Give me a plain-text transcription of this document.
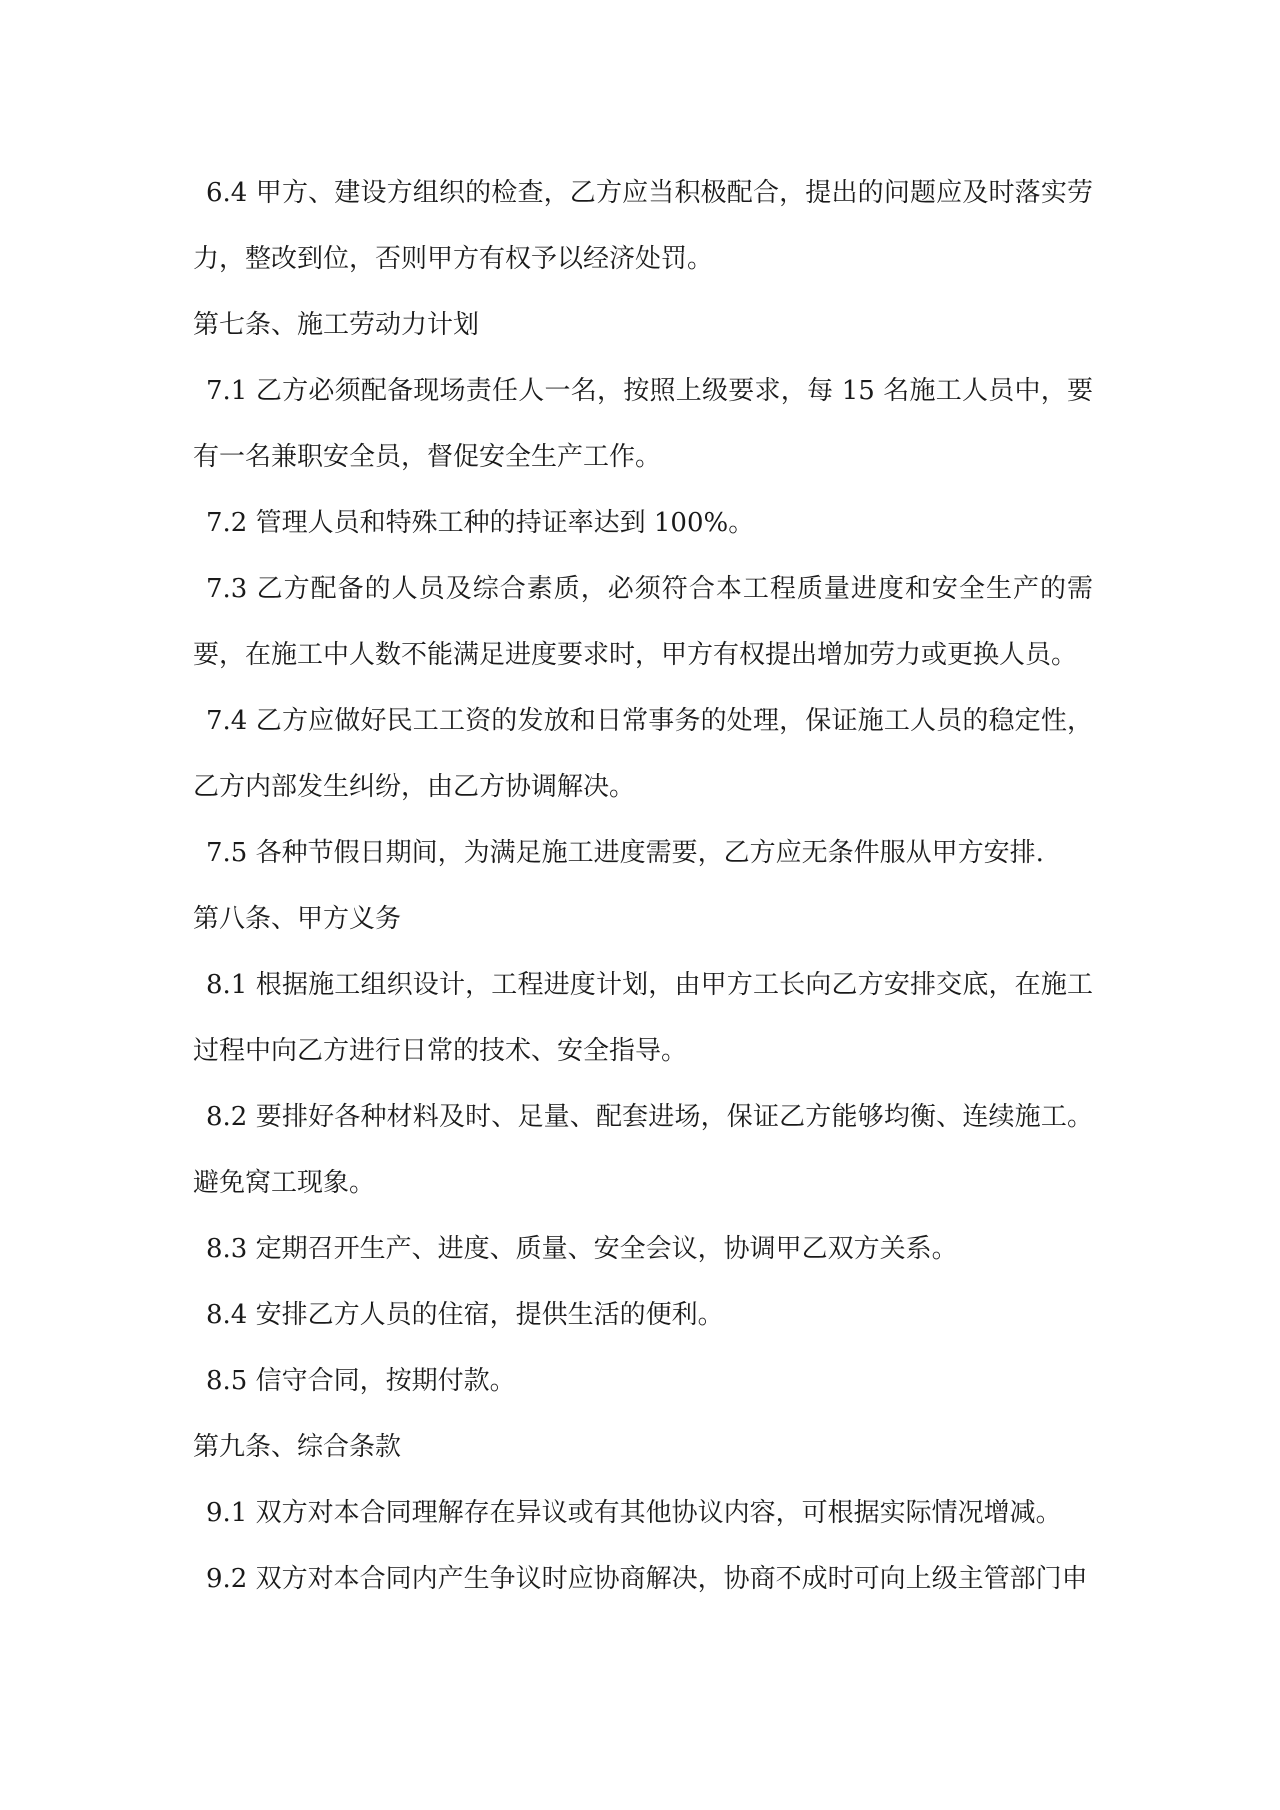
6.4 甲方、建设方组织的检查，乙方应当积极配合，提出的问题应及时落实劳力，整改到位，否则甲方有权予以经济处罚。

第七条、施工劳动力计划

7.1 乙方必须配备现场责任人一名，按照上级要求，每 15 名施工人员中，要有一名兼职安全员，督促安全生产工作。

7.2 管理人员和特殊工种的持证率达到 100%。

7.3 乙方配备的人员及综合素质，必须符合本工程质量进度和安全生产的需要，在施工中人数不能满足进度要求时，甲方有权提出增加劳力或更换人员。

7.4 乙方应做好民工工资的发放和日常事务的处理，保证施工人员的稳定性，乙方内部发生纠纷，由乙方协调解决。

7.5 各种节假日期间，为满足施工进度需要，乙方应无条件服从甲方安排.

第八条、甲方义务

8.1 根据施工组织设计，工程进度计划，由甲方工长向乙方安排交底，在施工过程中向乙方进行日常的技术、安全指导。

8.2 要排好各种材料及时、足量、配套进场，保证乙方能够均衡、连续施工。避免窝工现象。

8.3 定期召开生产、进度、质量、安全会议，协调甲乙双方关系。

8.4 安排乙方人员的住宿，提供生活的便利。

8.5 信守合同，按期付款。

第九条、综合条款

9.1 双方对本合同理解存在异议或有其他协议内容，可根据实际情况增减。

9.2 双方对本合同内产生争议时应协商解决，协商不成时可向上级主管部门申
